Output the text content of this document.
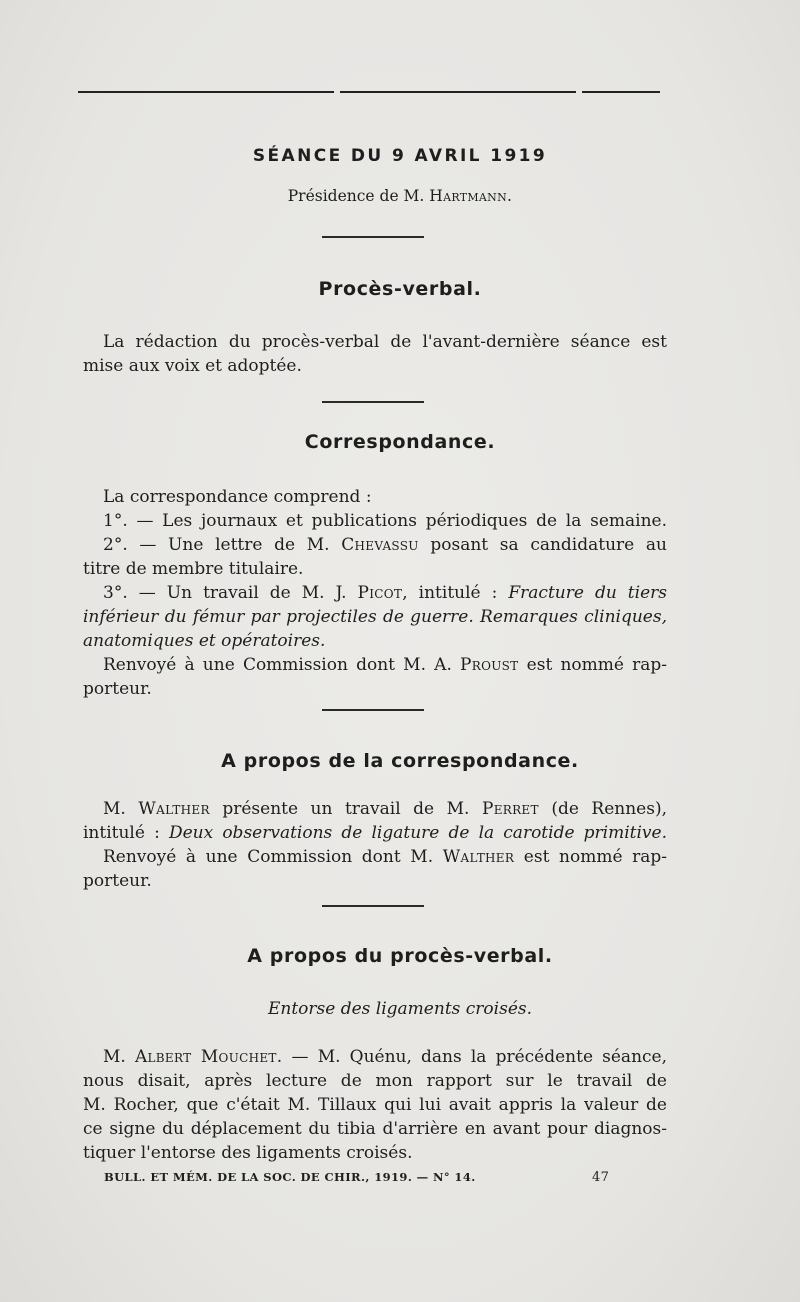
SÉANCE DU 9 AVRIL 1919
Présidence de M. Hartmann.
Procès-verbal.
La rédaction du procès-verbal de l'avant-dernière séance est
mise aux voix et adoptée.
Correspondance.
La correspondance comprend :
1°. — Les journaux et publications périodiques de la semaine.
2°. — Une lettre de M. Chevassu posant sa candidature au
titre de membre titulaire.
3°. — Un travail de M. J. Picot, intitulé : Fracture du tiers
inférieur du fémur par projectiles de guerre. Remarques cliniques,
anatomiques et opératoires.
Renvoyé à une Commission dont M. A. Proust est nommé rap-
porteur.
A propos de la correspondance.
M. Walther présente un travail de M. Perret (de Rennes),
intitulé : Deux observations de ligature de la carotide primitive.
Renvoyé à une Commission dont M. Walther est nommé rap-
porteur.
A propos du procès-verbal.
Entorse des ligaments croisés.
M. Albert Mouchet. — M. Quénu, dans la précédente séance,
nous disait, après lecture de mon rapport sur le travail de
M. Rocher, que c'était M. Tillaux qui lui avait appris la valeur de
ce signe du déplacement du tibia d'arrière en avant pour diagnos-
tiquer l'entorse des ligaments croisés.
BULL. ET MÉM. DE LA SOC. DE CHIR., 1919. — N° 14.	47
